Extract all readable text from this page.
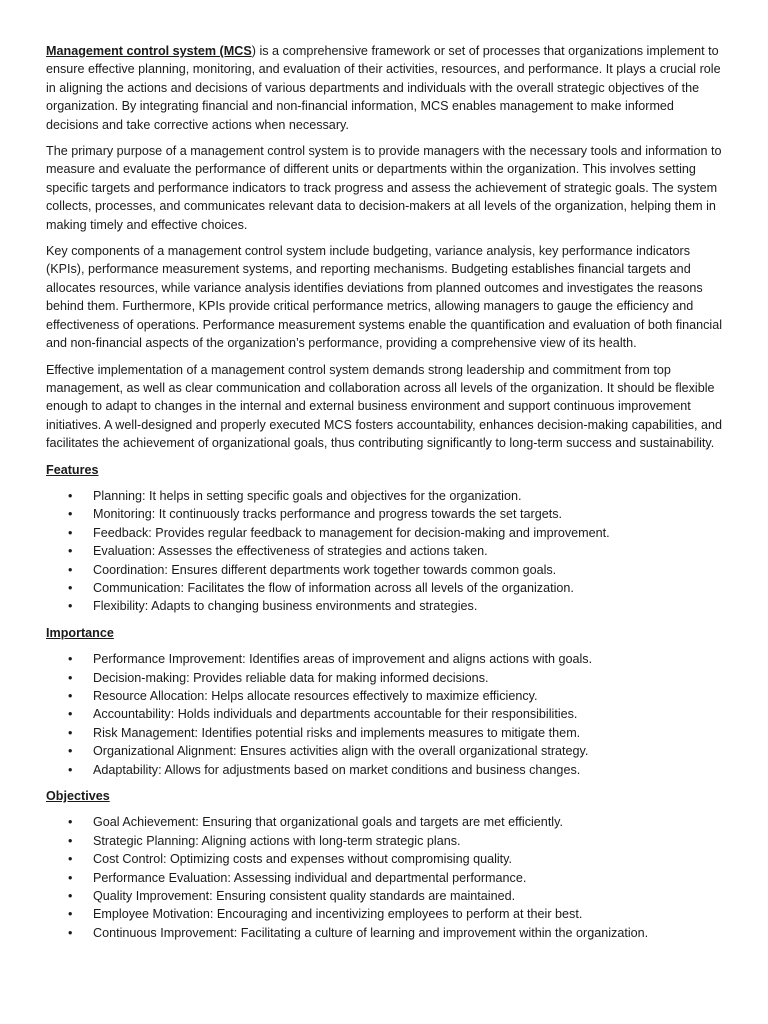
Management control system (MCS) is a comprehensive framework or set of processes that organizations implement to ensure effective planning, monitoring, and evaluation of their activities, resources, and performance. It plays a crucial role in aligning the actions and decisions of various departments and individuals with the overall strategic objectives of the organization. By integrating financial and non-financial information, MCS enables management to make informed decisions and take corrective actions when necessary.

The primary purpose of a management control system is to provide managers with the necessary tools and information to measure and evaluate the performance of different units or departments within the organization. This involves setting specific targets and performance indicators to track progress and assess the achievement of strategic goals. The system collects, processes, and communicates relevant data to decision-makers at all levels of the organization, helping them in making timely and effective choices.

Key components of a management control system include budgeting, variance analysis, key performance indicators (KPIs), performance measurement systems, and reporting mechanisms. Budgeting establishes financial targets and allocates resources, while variance analysis identifies deviations from planned outcomes and investigates the reasons behind them. Furthermore, KPIs provide critical performance metrics, allowing managers to gauge the efficiency and effectiveness of operations. Performance measurement systems enable the quantification and evaluation of both financial and non-financial aspects of the organization’s performance, providing a comprehensive view of its health.

Effective implementation of a management control system demands strong leadership and commitment from top management, as well as clear communication and collaboration across all levels of the organization. It should be flexible enough to adapt to changes in the internal and external business environment and support continuous improvement initiatives. A well-designed and properly executed MCS fosters accountability, enhances decision-making capabilities, and facilitates the achievement of organizational goals, thus contributing significantly to long-term success and sustainability.

Features
• Planning: It helps in setting specific goals and objectives for the organization.
• Monitoring: It continuously tracks performance and progress towards the set targets.
• Feedback: Provides regular feedback to management for decision-making and improvement.
• Evaluation: Assesses the effectiveness of strategies and actions taken.
• Coordination: Ensures different departments work together towards common goals.
• Communication: Facilitates the flow of information across all levels of the organization.
• Flexibility: Adapts to changing business environments and strategies.
Importance
• Performance Improvement: Identifies areas of improvement and aligns actions with goals.
• Decision-making: Provides reliable data for making informed decisions.
• Resource Allocation: Helps allocate resources effectively to maximize efficiency.
• Accountability: Holds individuals and departments accountable for their responsibilities.
• Risk Management: Identifies potential risks and implements measures to mitigate them.
• Organizational Alignment: Ensures activities align with the overall organizational strategy.
• Adaptability: Allows for adjustments based on market conditions and business changes.
Objectives
• Goal Achievement: Ensuring that organizational goals and targets are met efficiently.
• Strategic Planning: Aligning actions with long-term strategic plans.
• Cost Control: Optimizing costs and expenses without compromising quality.
• Performance Evaluation: Assessing individual and departmental performance.
• Quality Improvement: Ensuring consistent quality standards are maintained.
• Employee Motivation: Encouraging and incentivizing employees to perform at their best.
• Continuous Improvement: Facilitating a culture of learning and improvement within the organization.
